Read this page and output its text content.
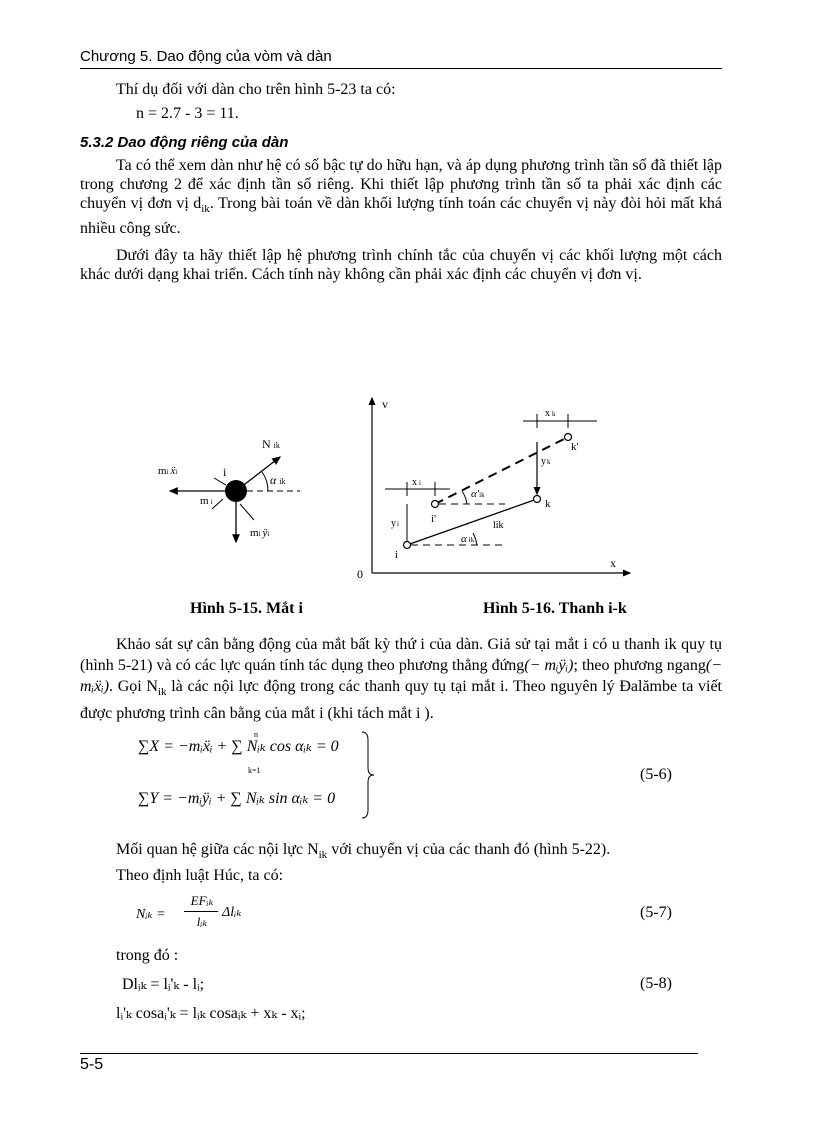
Chương 5. Dao động của vòm và dàn
Thí dụ đối với dàn cho trên hình 5-23 ta có:
n = 2.7 - 3 = 11.
5.3.2 Dao động riêng của dàn
Ta có thể xem dàn như hệ có số bậc tự do hữu hạn, và áp dụng phương trình tần số đã thiết lập trong chương 2 để xác định tần số riêng. Khi thiết lập phương trình tần số ta phải xác định các chuyển vị đơn vị $d_{ik}$. Trong bài toán về dàn khối lượng tính toán các chuyển vị này đòi hỏi mất khá nhiều công sức.
Dưới đây ta hãy thiết lập hệ phương trình chính tắc của chuyển vị các khối lượng một cách khác dưới dạng khai triển. Cách tính này không cần phải xác định các chuyển vị đơn vị.
Nik
αik
i
mi ẍi
mi
mi ÿi
v
x
0
x i
x k
yi
yk
k'
k
i'
i
lik
α'ik
αik
Hình 5-15. Mắt i	Hình 5-16. Thanh i-k
Khảo sát sự cân bằng động của mắt bất kỳ thứ i của dàn. Giả sử tại mắt i có u thanh ik quy tụ (hình 5-21) và có các lực quán tính tác dụng theo phương thẳng đứng(− mᵢÿᵢ); theo phương ngang(− mᵢẍᵢ). Gọi $N_{ik}$ là các nội lực động trong các thanh quy tụ tại mắt i. Theo nguyên lý Đalămbe ta viết được phương trình cân bằng của mắt i (khi tách mắt i ).
∑X = −mᵢẍᵢ + ∑ Nᵢₖ cos αᵢₖ = 0
n
k=1
∑Y = −mᵢÿᵢ + ∑ Nᵢₖ sin αᵢₖ = 0
(5-6)
Mối quan hệ giữa các nội lực $N_{ik}$ với chuyển vị của các thanh đó (hình 5-22).
Theo định luật Húc, ta có:
Nᵢₖ =
EFᵢₖ
lᵢₖ
Δlᵢₖ	(5-7)
trong đó :
Dlᵢₖ = lᵢ'ₖ - lᵢ;	(5-8)
lᵢ'ₖ cosaᵢ'ₖ = lᵢₖ cosaᵢₖ + xₖ - xᵢ;
5-5
